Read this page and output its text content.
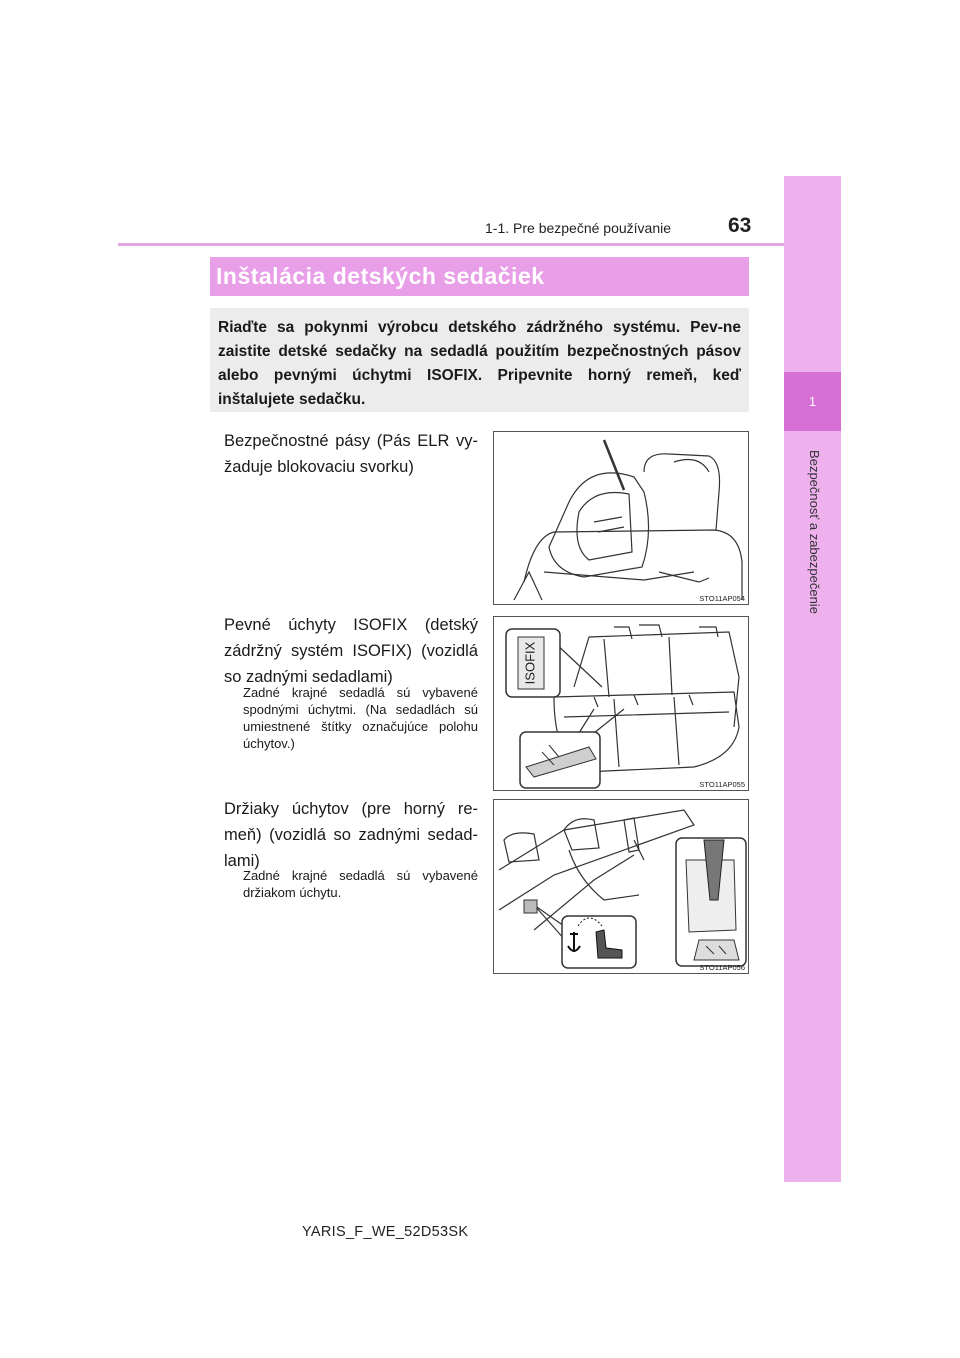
1
Bezpečnosť a zabezpečenie
1-1. Pre bezpečné používanie	63
Inštalácia detských sedačiek

Riaďte sa pokynmi výrobcu detského zádržného systému. Pev-ne zaistite detské sedačky na sedadlá použitím bezpečnostných pásov alebo pevnými úchytmi ISOFIX. Pripevnite horný remeň, keď inštalujete sedačku.

Bezpečnostné pásy (Pás ELR vy-žaduje blokovaciu svorku)
STO11AP054
Pevné úchyty ISOFIX (detský zádržný systém ISOFIX) (vozidlá so zadnými sedadlami)
Zadné krajné sedadlá sú vybavené spodnými úchytmi. (Na sedadlách sú umiestnené štítky označujúce polohu úchytov.)
ISOFIX
STO11AP055
Držiaky úchytov (pre horný re-meň) (vozidlá so zadnými sedad-lami)
Zadné krajné sedadlá sú vybavené držiakom úchytu.
STO11AP056
YARIS_F_WE_52D53SK
